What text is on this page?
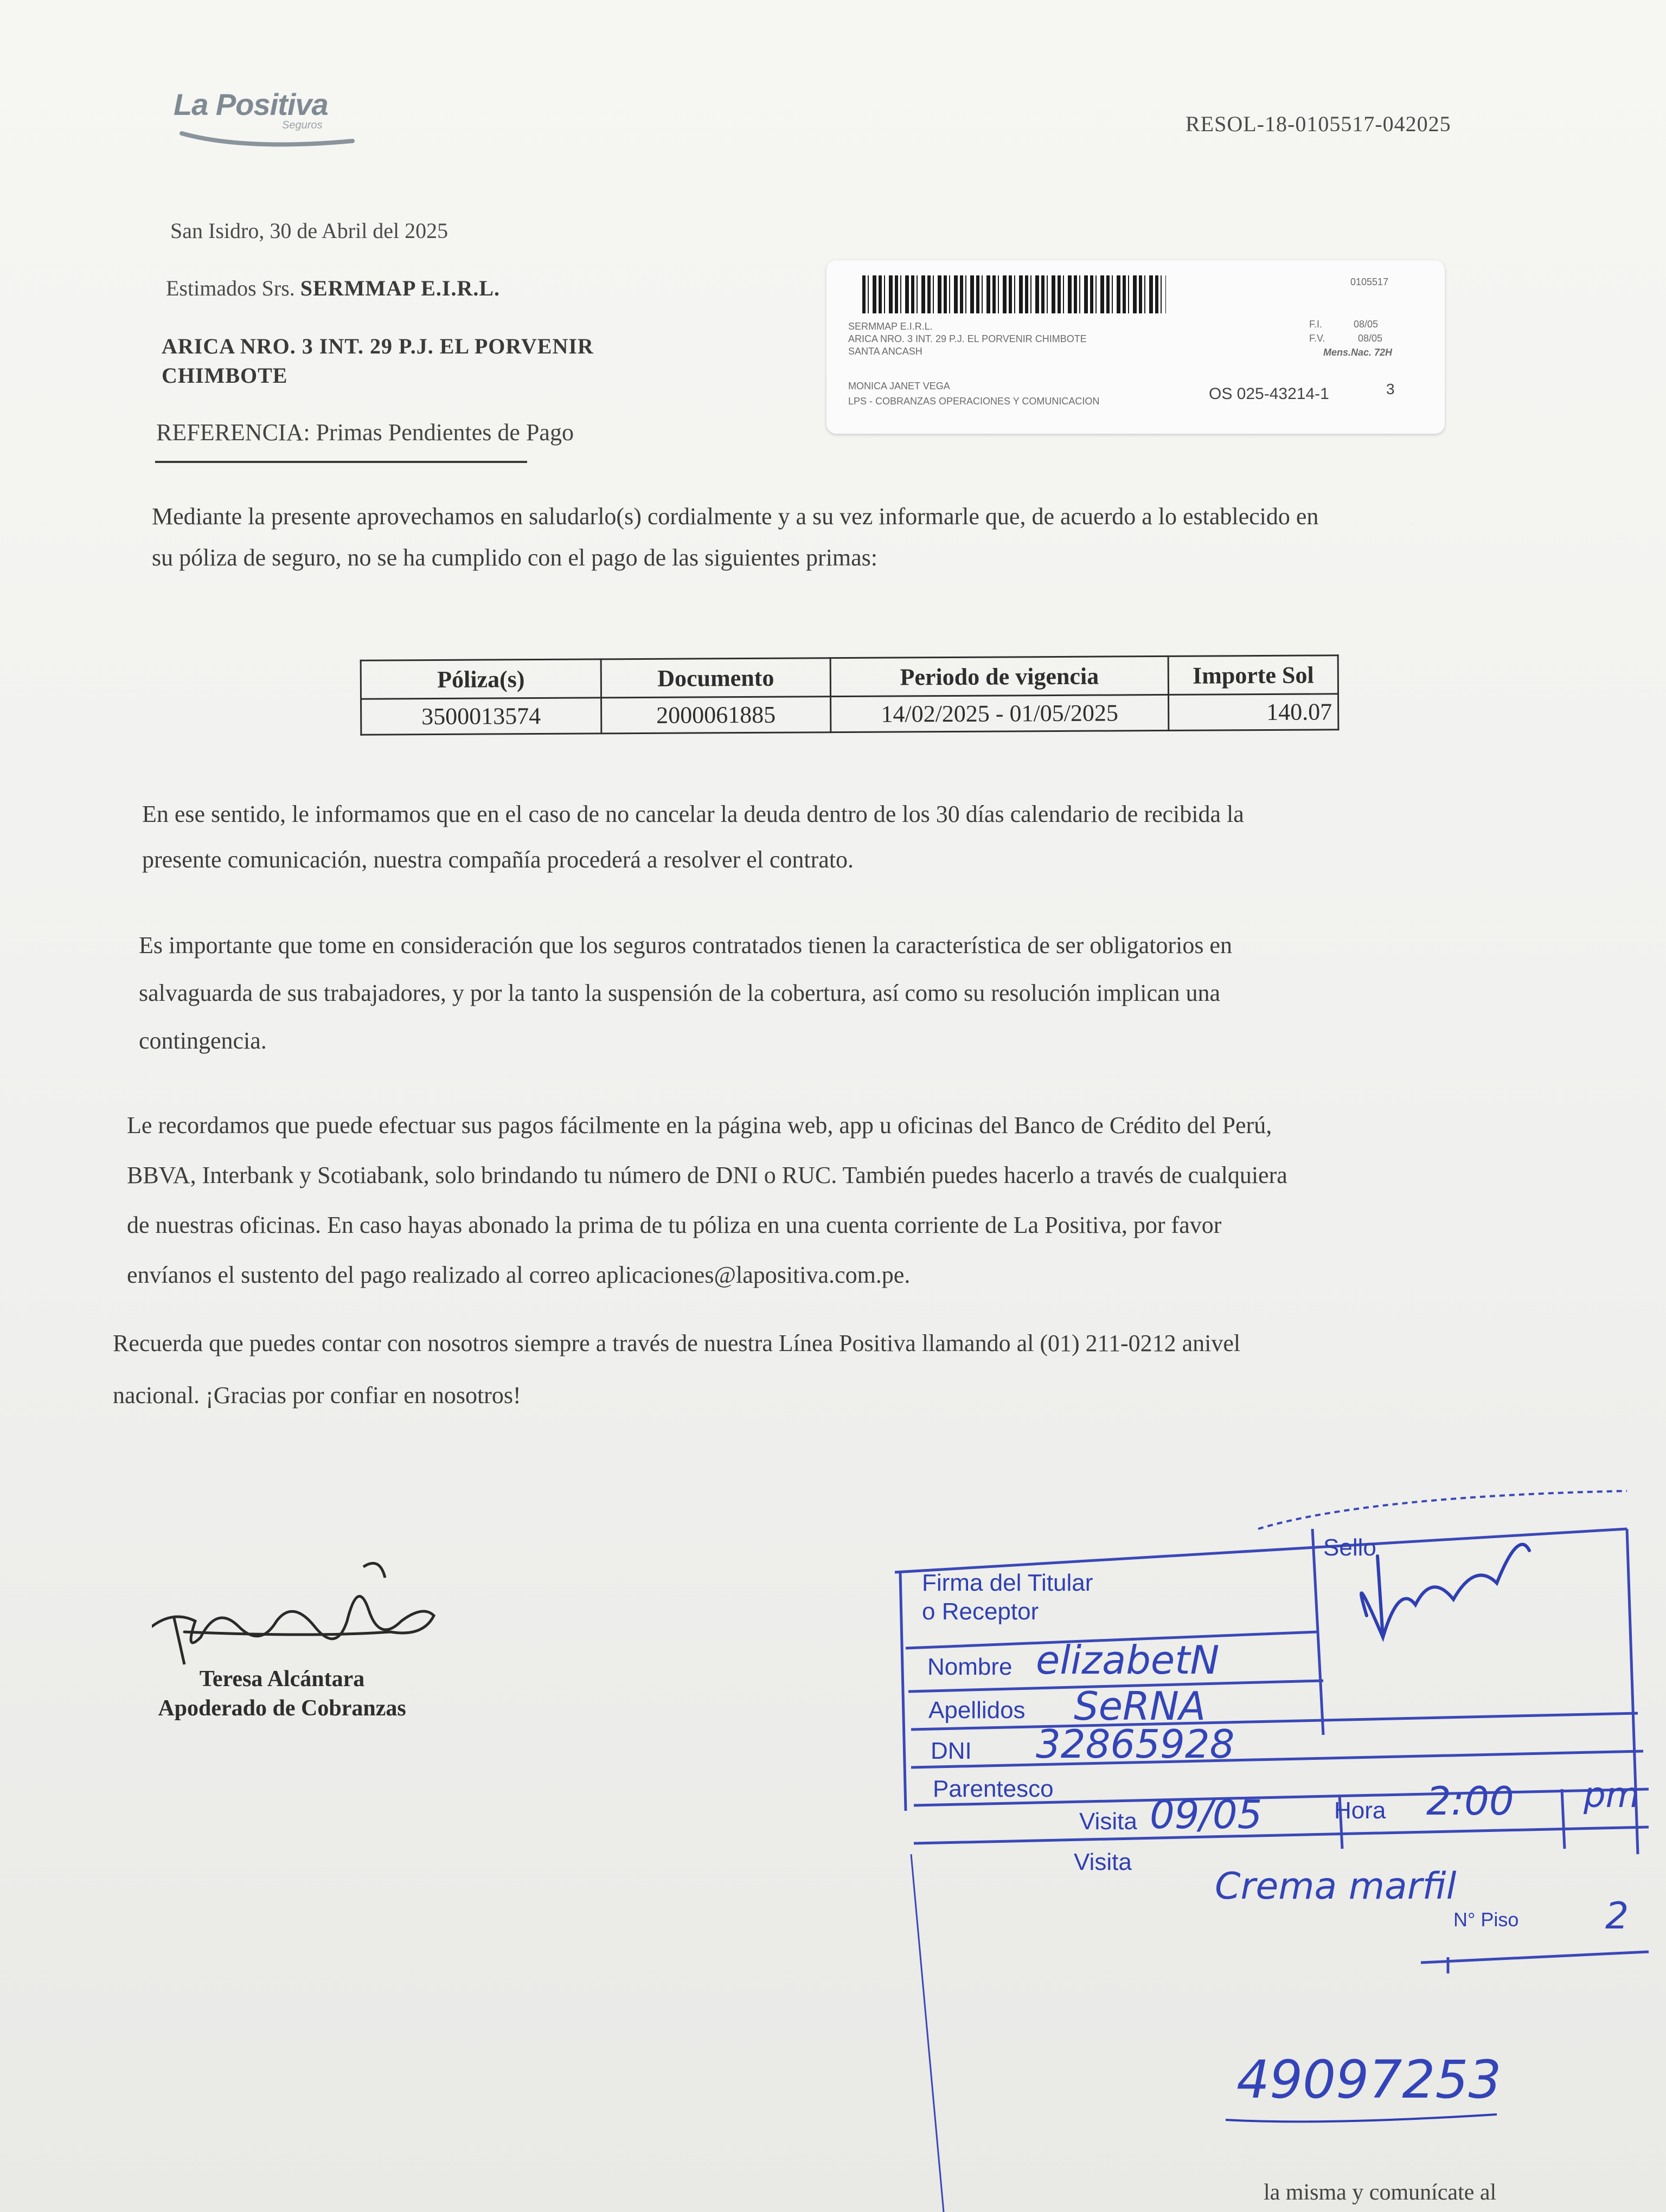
La Positiva
Seguros	RESOL-18-0105517-042025
San Isidro, 30 de Abril del 2025
Estimados Srs. SERMMAP E.I.R.L.
ARICA NRO. 3 INT. 29 P.J. EL PORVENIR
CHIMBOTE
REFERENCIA: Primas Pendientes de Pago
0105517
SERMMAP E.I.R.L.
ARICA NRO. 3 INT. 29 P.J. EL PORVENIR CHIMBOTE
SANTA ANCASH
MONICA JANET VEGA
LPS - COBRANZAS OPERACIONES Y COMUNICACION
F.I.	08/05
F.V.	08/05
Mens.Nac. 72H
OS 025-43214-1	3
Mediante la presente aprovechamos en saludarlo(s) cordialmente y a su vez informarle que, de acuerdo a lo establecido en
su póliza de seguro, no se ha cumplido con el pago de las siguientes primas:
Póliza(s)	Documento	Periodo de vigencia	Importe Sol
3500013574	2000061885	14/02/2025 - 01/05/2025	140.07
En ese sentido, le informamos que en el caso de no cancelar la deuda dentro de los 30 días calendario de recibida la
presente comunicación, nuestra compañía procederá a resolver el contrato.
Es importante que tome en consideración que los seguros contratados tienen la característica de ser obligatorios en
salvaguarda de sus trabajadores, y por la tanto la suspensión de la cobertura, así como su resolución implican una
contingencia.
Le recordamos que puede efectuar sus pagos fácilmente en la página web, app u oficinas del Banco de Crédito del Perú,
BBVA, Interbank y Scotiabank, solo brindando tu número de DNI o RUC. También puedes hacerlo a través de cualquiera
de nuestras oficinas. En caso hayas abonado la prima de tu póliza en una cuenta corriente de La Positiva, por favor
envíanos el sustento del pago realizado al correo aplicaciones@lapositiva.com.pe.
Recuerda que puedes contar con nosotros siempre a través de nuestra Línea Positiva llamando al (01) 211-0212 anivel
nacional. ¡Gracias por confiar en nosotros!
Teresa Alcántara
Apoderado de Cobranzas
Firma del Titular
o Receptor
Sello
Nombre elizabetN
Apellidos SeRNA
DNI 32865928
Parentesco
Visita 09/05
Visita
Hora 2:00 pm
Crema marfil
N° Piso 2
49097253
la misma y comunícate al
